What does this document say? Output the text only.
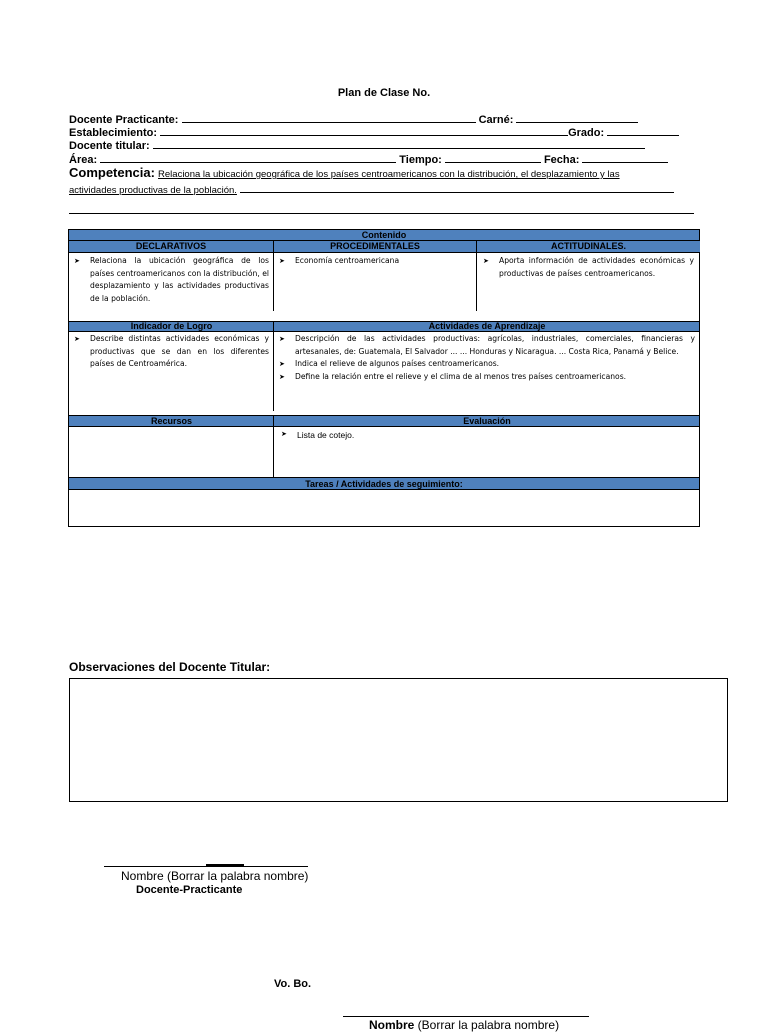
Plan de Clase No.
Docente Practicante:	Carné:
Establecimiento:	Grado:
Docente titular:
Área:	Tiempo:	Fecha:
Competencia: Relaciona la ubicación geográfica de los países centroamericanos con la distribución, el desplazamiento y las
actividades productivas de la población.
Contenido
DECLARATIVOS	PROCEDIMENTALES	ACTITUDINALES.
➤ Relaciona la ubicación geográfica de los países centroamericanos con la distribución, el desplazamiento y las actividades productivas de la población.
➤ Economía centroamericana
➤	Aporta información de actividades económicas y productivas de países centroamericanos.
Indicador de Logro	Actividades de Aprendizaje
➤ Describe distintas actividades económicas y productivas que se dan en los diferentes países de Centroamérica.
➤ Descripción de las actividades productivas: agrícolas, industriales, comerciales, financieras y artesanales, de: Guatemala, El Salvador ... ... Honduras y Nicaragua. ... Costa Rica, Panamá y Belice.
➤ Indica el relieve de algunos países centroamericanos.
➤ Define la relación entre el relieve y el clima de al menos tres países centroamericanos.
Recursos	Evaluación
➤ Lista de cotejo.
Tareas / Actividades de seguimiento:
Observaciones del Docente Titular:
Nombre (Borrar la palabra nombre)
Docente-Practicante
Vo. Bo.
Nombre (Borrar la palabra nombre)
